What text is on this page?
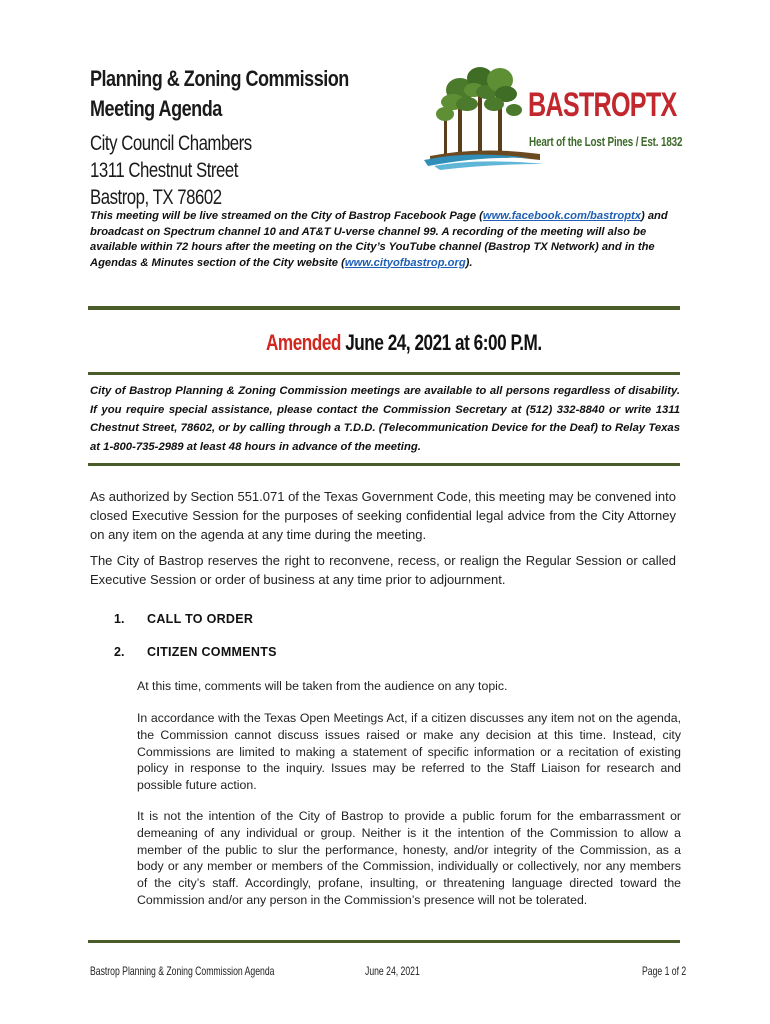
Planning & Zoning Commission
Meeting Agenda
City Council Chambers
1311 Chestnut Street
Bastrop, TX 78602
BASTROPTX
Heart of the Lost Pines / Est. 1832
This meeting will be live streamed on the City of Bastrop Facebook Page (www.facebook.com/bastroptx) and broadcast on Spectrum channel 10 and AT&T U-verse channel 99. A recording of the meeting will also be available within 72 hours after the meeting on the City’s YouTube channel (Bastrop TX Network) and in the Agendas & Minutes section of the City website (www.cityofbastrop.org).
Amended June 24, 2021 at 6:00 P.M.
City of Bastrop Planning & Zoning Commission meetings are available to all persons regardless of disability. If you require special assistance, please contact the Commission Secretary at (512) 332-8840 or write 1311 Chestnut Street, 78602, or by calling through a T.D.D. (Telecommunication Device for the Deaf) to Relay Texas at 1-800-735-2989 at least 48 hours in advance of the meeting.
As authorized by Section 551.071 of the Texas Government Code, this meeting may be convened into closed Executive Session for the purposes of seeking confidential legal advice from the City Attorney on any item on the agenda at any time during the meeting.
The City of Bastrop reserves the right to reconvene, recess, or realign the Regular Session or called Executive Session or order of business at any time prior to adjournment.
1. CALL TO ORDER
2. CITIZEN COMMENTS
At this time, comments will be taken from the audience on any topic.
In accordance with the Texas Open Meetings Act, if a citizen discusses any item not on the agenda, the Commission cannot discuss issues raised or make any decision at this time. Instead, city Commissions are limited to making a statement of specific information or a recitation of existing policy in response to the inquiry. Issues may be referred to the Staff Liaison for research and possible future action.
It is not the intention of the City of Bastrop to provide a public forum for the embarrassment or demeaning of any individual or group. Neither is it the intention of the Commission to allow a member of the public to slur the performance, honesty, and/or integrity of the Commission, as a body or any member or members of the Commission, individually or collectively, nor any members of the city’s staff. Accordingly, profane, insulting, or threatening language directed toward the Commission and/or any person in the Commission’s presence will not be tolerated.
Bastrop Planning & Zoning Commission Agenda	June 24, 2021	Page 1 of 2
